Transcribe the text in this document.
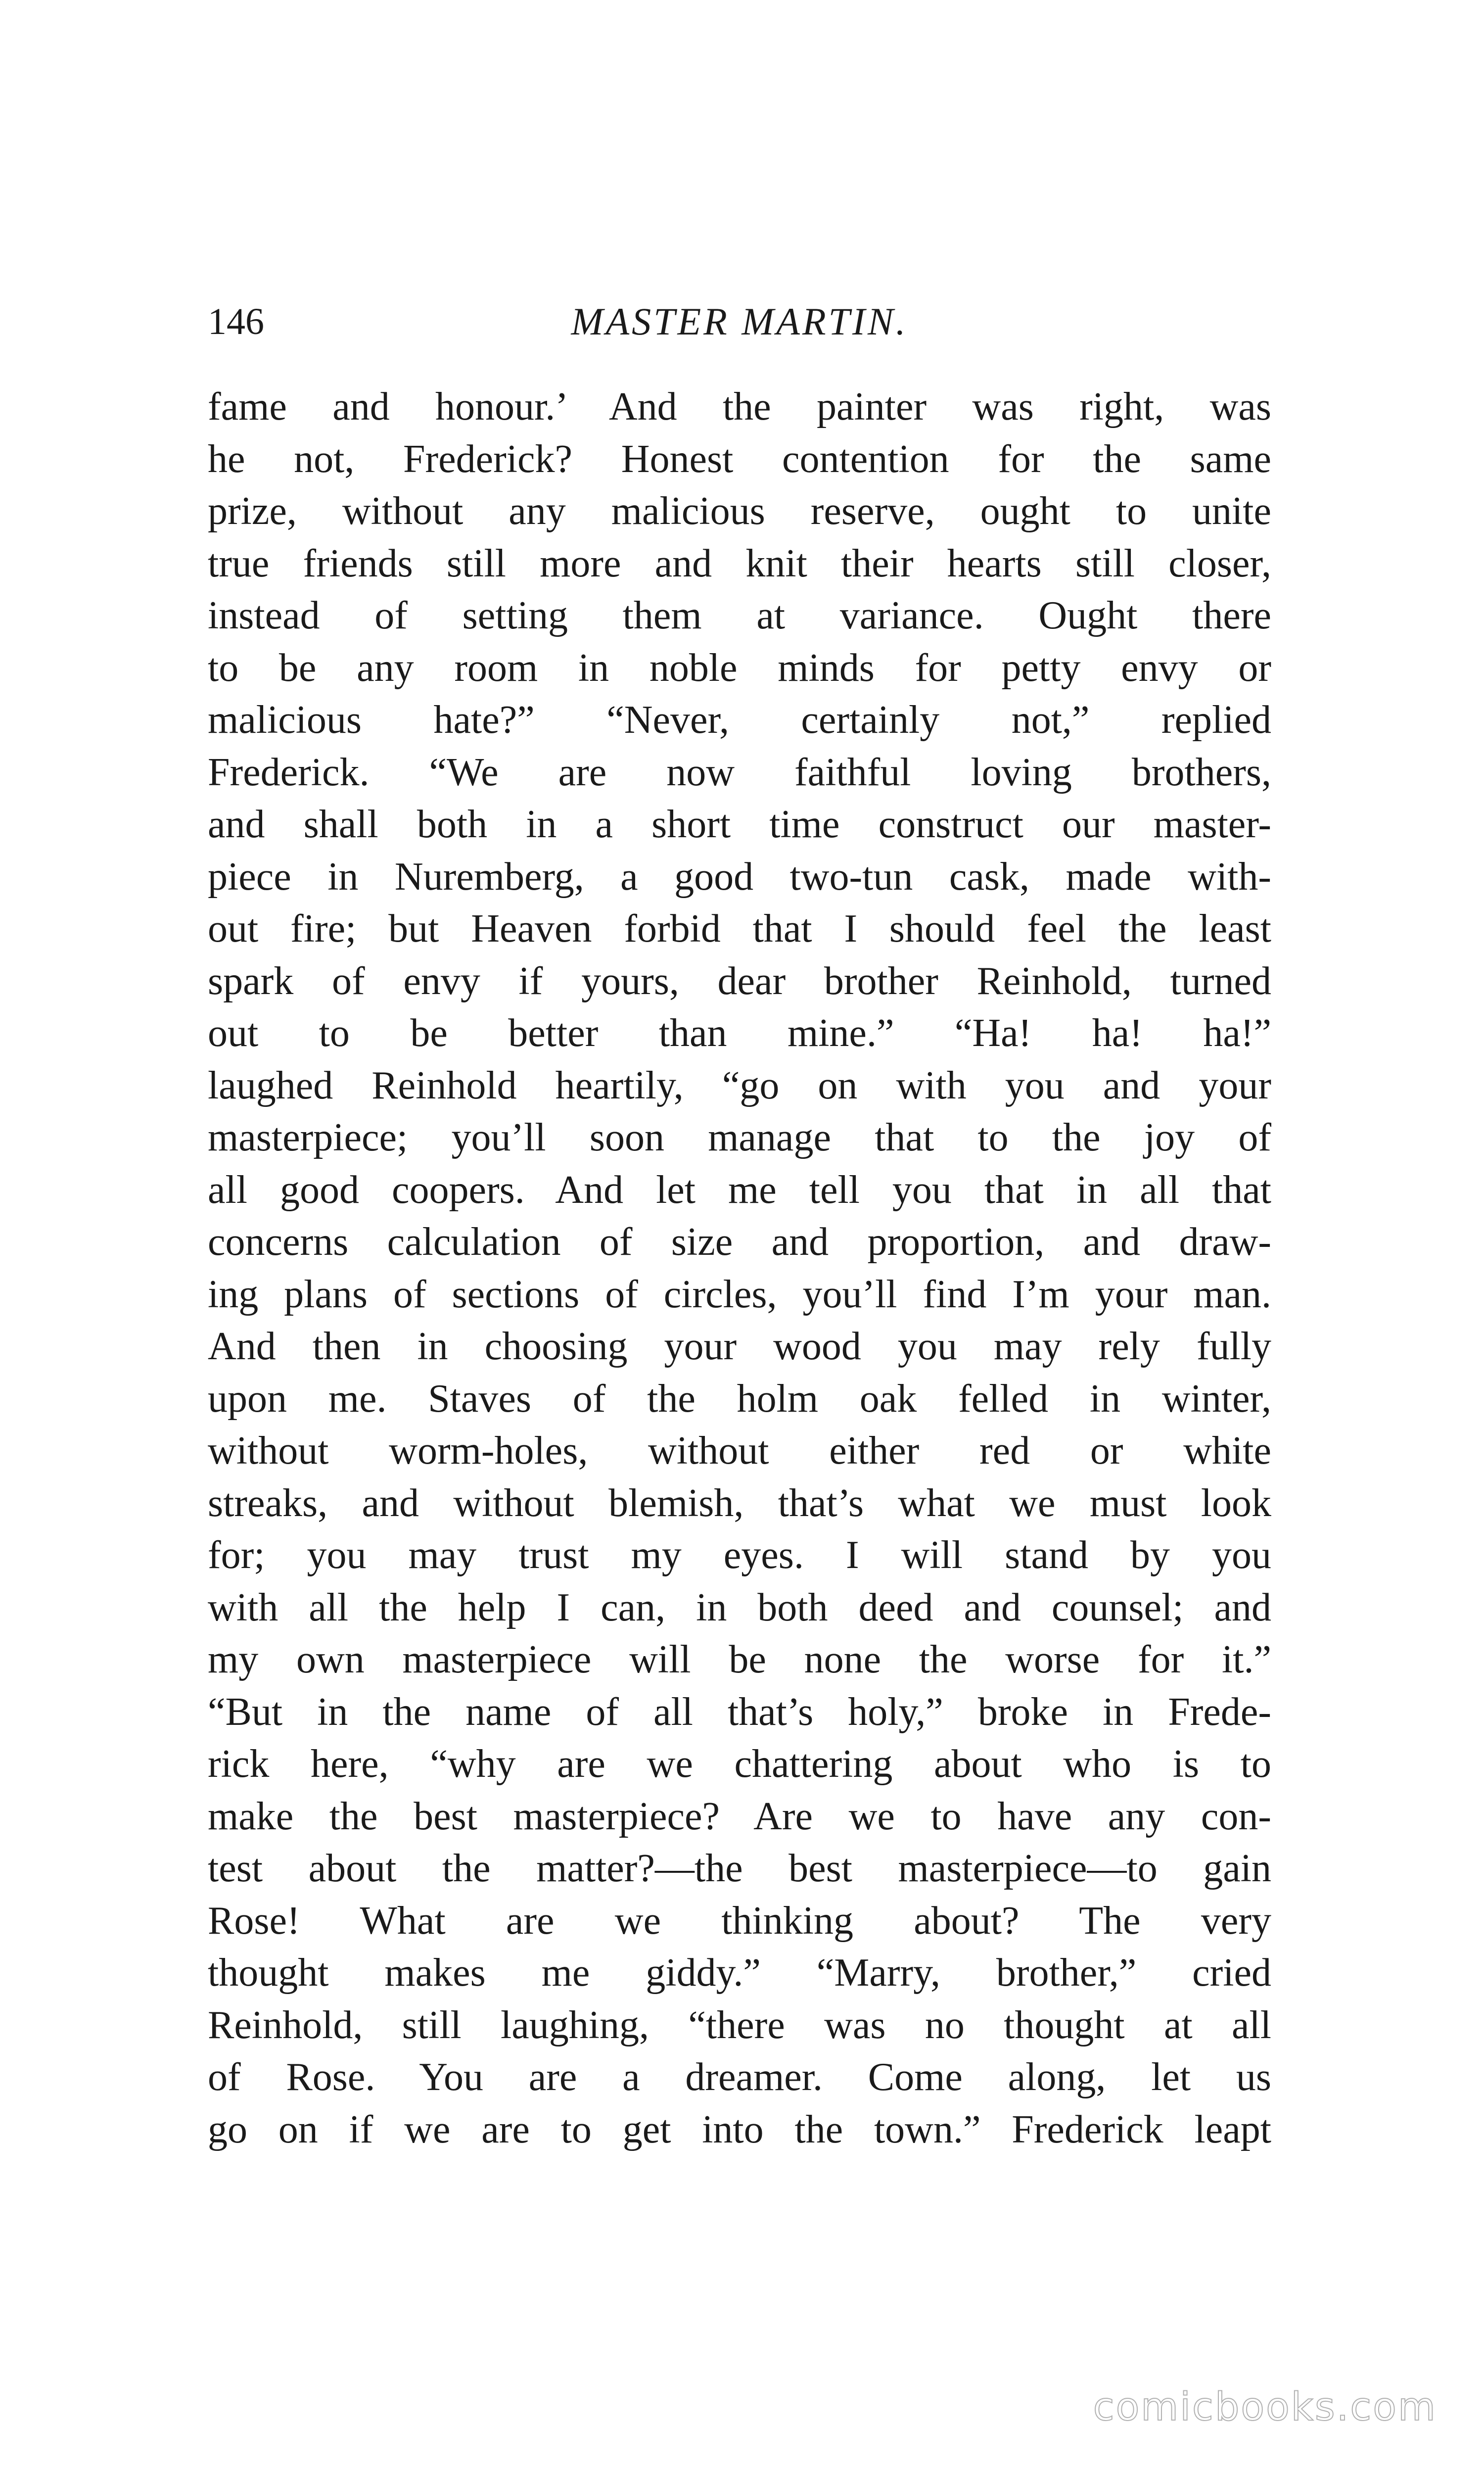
146	MASTER MARTIN.
fame and honour.’ And the painter was right, was
he not, Frederick? Honest contention for the same
prize, without any malicious reserve, ought to unite
true friends still more and knit their hearts still closer,
instead of setting them at variance. Ought there
to be any room in noble minds for petty envy or
malicious hate?” “Never, certainly not,” replied
Frederick. “We are now faithful loving brothers,
and shall both in a short time construct our master-
piece in Nuremberg, a good two-tun cask, made with-
out fire; but Heaven forbid that I should feel the least
spark of envy if yours, dear brother Reinhold, turned
out to be better than mine.” “Ha! ha! ha!”
laughed Reinhold heartily, “go on with you and your
masterpiece; you’ll soon manage that to the joy of
all good coopers. And let me tell you that in all that
concerns calculation of size and proportion, and draw-
ing plans of sections of circles, you’ll find I’m your man.
And then in choosing your wood you may rely fully
upon me. Staves of the holm oak felled in winter,
without worm-holes, without either red or white
streaks, and without blemish, that’s what we must look
for; you may trust my eyes. I will stand by you
with all the help I can, in both deed and counsel; and
my own masterpiece will be none the worse for it.”
“But in the name of all that’s holy,” broke in Frede-
rick here, “why are we chattering about who is to
make the best masterpiece? Are we to have any con-
test about the matter?—the best masterpiece—to gain
Rose! What are we thinking about? The very
thought makes me giddy.” “Marry, brother,” cried
Reinhold, still laughing, “there was no thought at all
of Rose. You are a dreamer. Come along, let us
go on if we are to get into the town.” Frederick leapt
comicbooks.com
